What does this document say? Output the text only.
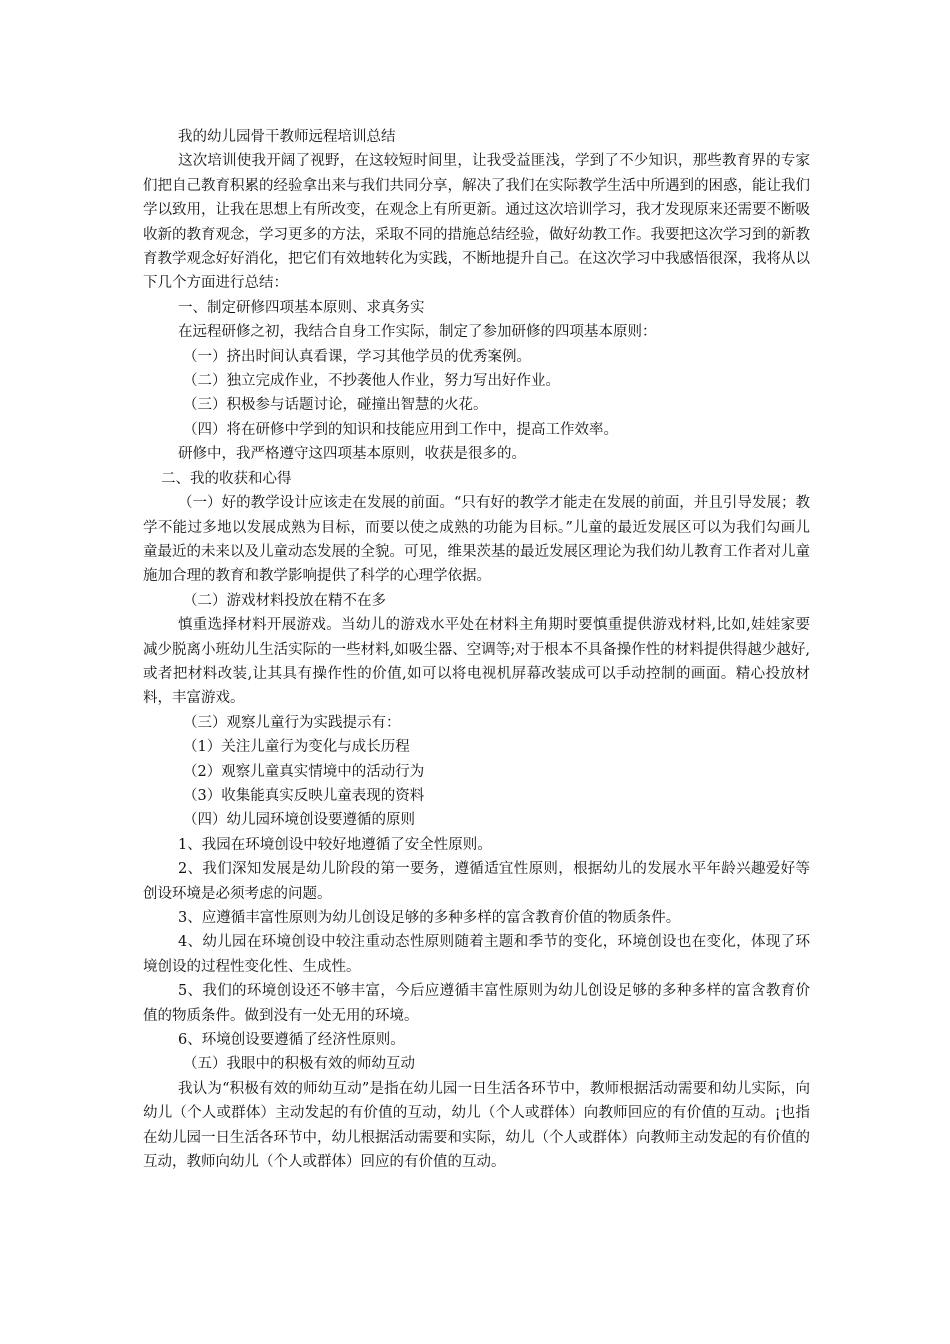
我的幼儿园骨干教师远程培训总结

这次培训使我开阔了视野，在这较短时间里，让我受益匪浅，学到了不少知识，那些教育界的专家们把自己教育积累的经验拿出来与我们共同分享，解决了我们在实际教学生活中所遇到的困惑，能让我们学以致用，让我在思想上有所改变，在观念上有所更新。通过这次培训学习，我才发现原来还需要不断吸收新的教育观念，学习更多的方法，采取不同的措施总结经验，做好幼教工作。我要把这次学习到的新教育教学观念好好消化，把它们有效地转化为实践，不断地提升自己。在这次学习中我感悟很深，我将从以下几个方面进行总结：

一、制定研修四项基本原则、求真务实

在远程研修之初，我结合自身工作实际，制定了参加研修的四项基本原则：

（一）挤出时间认真看课，学习其他学员的优秀案例。

（二）独立完成作业，不抄袭他人作业，努力写出好作业。

（三）积极参与话题讨论，碰撞出智慧的火花。

（四）将在研修中学到的知识和技能应用到工作中，提高工作效率。

研修中，我严格遵守这四项基本原则，收获是很多的。

二、我的收获和心得

（一）好的教学设计应该走在发展的前面。“只有好的教学才能走在发展的前面，并且引导发展；教学不能过多地以发展成熟为目标，而要以使之成熟的功能为目标。”儿童的最近发展区可以为我们勾画儿童最近的未来以及儿童动态发展的全貌。可见，维果茨基的最近发展区理论为我们幼儿教育工作者对儿童施加合理的教育和教学影响提供了科学的心理学依据。

（二）游戏材料投放在精不在多

慎重选择材料开展游戏。当幼儿的游戏水平处在材料主角期时要慎重提供游戏材料,比如,娃娃家要减少脱离小班幼儿生活实际的一些材料,如吸尘器、空调等;对于根本不具备操作性的材料提供得越少越好,或者把材料改装,让其具有操作性的价值,如可以将电视机屏幕改装成可以手动控制的画面。精心投放材料，丰富游戏。

（三）观察儿童行为实践提示有：

（1）关注儿童行为变化与成长历程

（2）观察儿童真实情境中的活动行为

（3）收集能真实反映儿童表现的资料

（四）幼儿园环境创设要遵循的原则

1、我园在环境创设中较好地遵循了安全性原则。

2、我们深知发展是幼儿阶段的第一要务，遵循适宜性原则，根据幼儿的发展水平年龄兴趣爱好等创设环境是必须考虑的问题。

3、应遵循丰富性原则为幼儿创设足够的多种多样的富含教育价值的物质条件。

4、幼儿园在环境创设中较注重动态性原则随着主题和季节的变化，环境创设也在变化，体现了环境创设的过程性变化性、生成性。

5、我们的环境创设还不够丰富，今后应遵循丰富性原则为幼儿创设足够的多种多样的富含教育价值的物质条件。做到没有一处无用的环境。

6、环境创设要遵循了经济性原则。

（五）我眼中的积极有效的师幼互动

我认为“积极有效的师幼互动”是指在幼儿园一日生活各环节中，教师根据活动需要和幼儿实际，向幼儿（个人或群体）主动发起的有价值的互动，幼儿（个人或群体）向教师回应的有价值的互动。¡也指在幼儿园一日生活各环节中，幼儿根据活动需要和实际，幼儿（个人或群体）向教师主动发起的有价值的互动，教师向幼儿（个人或群体）回应的有价值的互动。
